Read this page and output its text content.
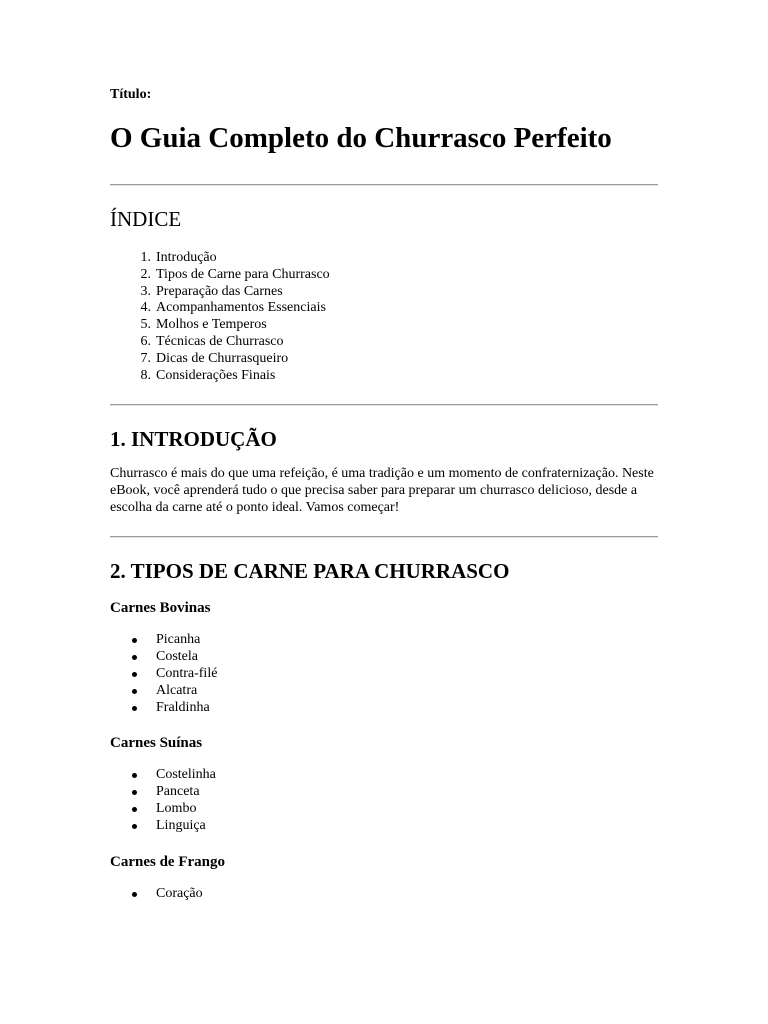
Título:

O Guia Completo do Churrasco Perfeito
ÍNDICE
1. Introdução
2. Tipos de Carne para Churrasco
3. Preparação das Carnes
4. Acompanhamentos Essenciais
5. Molhos e Temperos
6. Técnicas de Churrasco
7. Dicas de Churrasqueiro
8. Considerações Finais
1. INTRODUÇÃO

Churrasco é mais do que uma refeição, é uma tradição e um momento de confraternização. Neste eBook, você aprenderá tudo o que precisa saber para preparar um churrasco delicioso, desde a escolha da carne até o ponto ideal. Vamos começar!

2. TIPOS DE CARNE PARA CHURRASCO
Carnes Bovinas
Picanha
Costela
Contra-filé
Alcatra
Fraldinha
Carnes Suínas
Costelinha
Panceta
Lombo
Linguiça
Carnes de Frango
Coração
